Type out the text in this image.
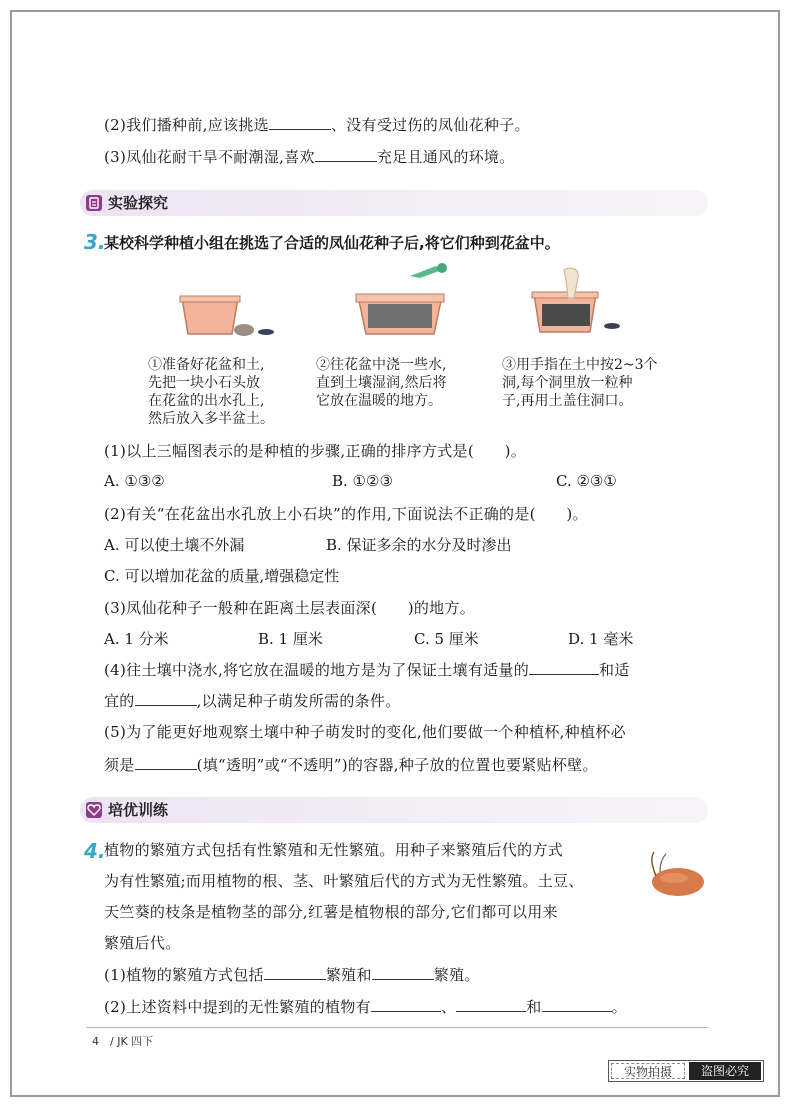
(2)我们播种前,应该挑选	、没有受过伤的凤仙花种子。
(3)凤仙花耐干旱不耐潮湿,喜欢	充足且通风的环境。
实验探究
3.
某校科学种植小组在挑选了合适的凤仙花种子后,将它们种到花盆中。
①准备好花盆和土,
先把一块小石头放
在花盆的出水孔上,
然后放入多半盆土。
②往花盆中浇一些水,
直到土壤湿润,然后将
它放在温暖的地方。
③用手指在土中按2~3个
洞,每个洞里放一粒种
子,再用土盖住洞口。
(1)以上三幅图表示的是种植的步骤,正确的排序方式是(　　)。
A. ①③②	B. ①②③	C. ②③①
(2)有关“在花盆出水孔放上小石块”的作用,下面说法不正确的是(　　)。
A. 可以使土壤不外漏	B. 保证多余的水分及时渗出
C. 可以增加花盆的质量,增强稳定性
(3)凤仙花种子一般种在距离土层表面深(　　)的地方。
A. 1 分米	B. 1 厘米	C. 5 厘米	D. 1 毫米
(4)往土壤中浇水,将它放在温暖的地方是为了保证土壤有适量的	和适
宜的	,以满足种子萌发所需的条件。
(5)为了能更好地观察土壤中种子萌发时的变化,他们要做一个种植杯,种植杯必
须是	(填“透明”或“不透明”)的容器,种子放的位置也要紧贴杯壁。
培优训练
4.
植物的繁殖方式包括有性繁殖和无性繁殖。用种子来繁殖后代的方式
为有性繁殖;而用植物的根、茎、叶繁殖后代的方式为无性繁殖。土豆、
天竺葵的枝条是植物茎的部分,红薯是植物根的部分,它们都可以用来
繁殖后代。
(1)植物的繁殖方式包括	繁殖和	繁殖。
(2)上述资料中提到的无性繁殖的植物有	、	和	。
4　/ JK 四下
实物拍摄	盗图必究
